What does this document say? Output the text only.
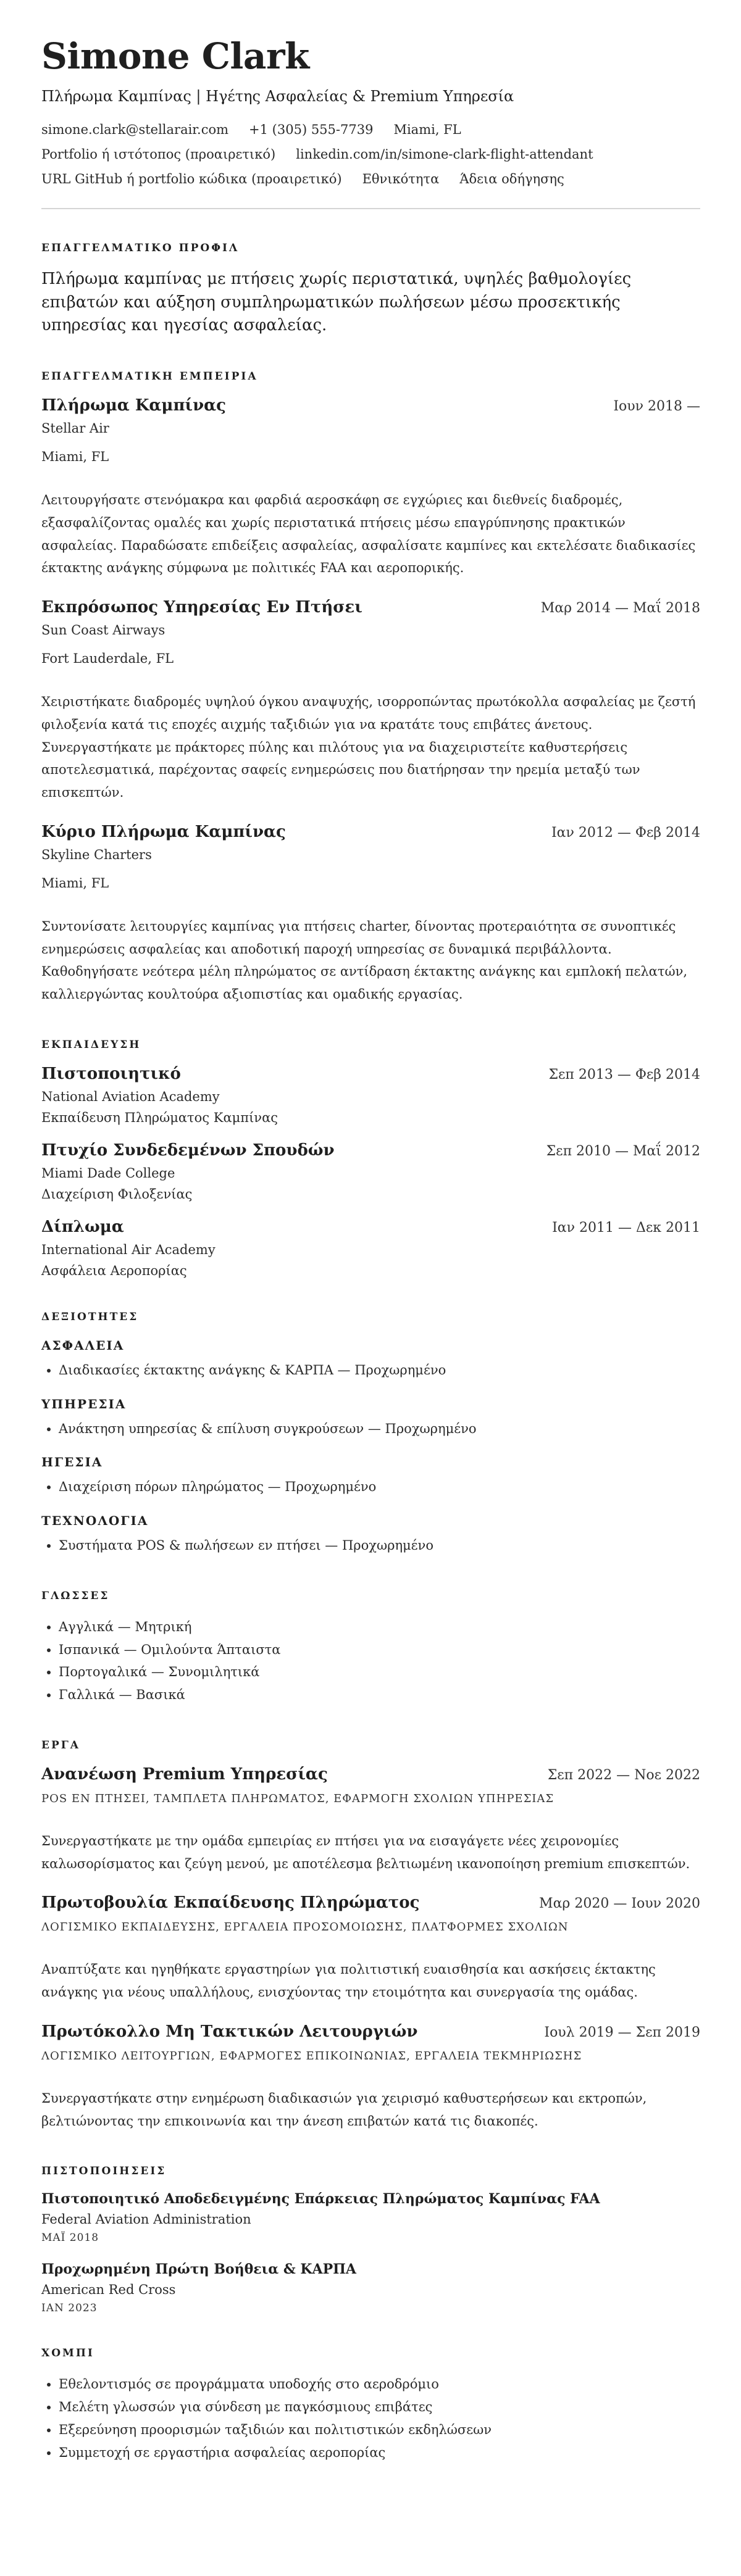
Simone Clark
Πλήρωμα Καμπίνας | Ηγέτης Ασφαλείας & Premium Υπηρεσία
simone.clark@stellarair.com +1 (305) 555-7739 Miami, FL
Portfolio ή ιστότοπος (προαιρετικό) linkedin.com/in/simone-clark-flight-attendant
URL GitHub ή portfolio κώδικα (προαιρετικό) Εθνικότητα Άδεια οδήγησης
ΕΠΑΓΓΕΛΜΑΤΙΚΟ ΠΡΟΦΙΛ

Πλήρωμα καμπίνας με πτήσεις χωρίς περιστατικά, υψηλές βαθμολογίες επιβατών και αύξηση συμπληρωματικών πωλήσεων μέσω προσεκτικής υπηρεσίας και ηγεσίας ασφαλείας.

ΕΠΑΓΓΕΛΜΑΤΙΚΗ ΕΜΠΕΙΡΙΑ
Πλήρωμα Καμπίνας	Ιουν 2018 —
Stellar Air
Miami, FL
Λειτουργήσατε στενόμακρα και φαρδιά αεροσκάφη σε εγχώριες και διεθνείς διαδρομές, εξασφαλίζοντας ομαλές και χωρίς περιστατικά πτήσεις μέσω επαγρύπνησης πρακτικών ασφαλείας. Παραδώσατε επιδείξεις ασφαλείας, ασφαλίσατε καμπίνες και εκτελέσατε διαδικασίες έκτακτης ανάγκης σύμφωνα με πολιτικές FAA και αεροπορικής.
Εκπρόσωπος Υπηρεσίας Εν Πτήσει	Μαρ 2014 — Μαΐ 2018
Sun Coast Airways
Fort Lauderdale, FL
Χειριστήκατε διαδρομές υψηλού όγκου αναψυχής, ισορροπώντας πρωτόκολλα ασφαλείας με ζεστή φιλοξενία κατά τις εποχές αιχμής ταξιδιών για να κρατάτε τους επιβάτες άνετους. Συνεργαστήκατε με πράκτορες πύλης και πιλότους για να διαχειριστείτε καθυστερήσεις αποτελεσματικά, παρέχοντας σαφείς ενημερώσεις που διατήρησαν την ηρεμία μεταξύ των επισκεπτών.
Κύριο Πλήρωμα Καμπίνας	Ιαν 2012 — Φεβ 2014
Skyline Charters
Miami, FL
Συντονίσατε λειτουργίες καμπίνας για πτήσεις charter, δίνοντας προτεραιότητα σε συνοπτικές ενημερώσεις ασφαλείας και αποδοτική παροχή υπηρεσίας σε δυναμικά περιβάλλοντα. Καθοδηγήσατε νεότερα μέλη πληρώματος σε αντίδραση έκτακτης ανάγκης και εμπλοκή πελατών, καλλιεργώντας κουλτούρα αξιοπιστίας και ομαδικής εργασίας.
ΕΚΠΑΙΔΕΥΣΗ
Πιστοποιητικό	Σεπ 2013 — Φεβ 2014
National Aviation Academy
Εκπαίδευση Πληρώματος Καμπίνας
Πτυχίο Συνδεδεμένων Σπουδών	Σεπ 2010 — Μαΐ 2012
Miami Dade College
Διαχείριση Φιλοξενίας
Δίπλωμα	Ιαν 2011 — Δεκ 2011
International Air Academy
Ασφάλεια Αεροπορίας
ΔΕΞΙΟΤΗΤΕΣ
ΑΣΦΑΛΕΙΑ
• Διαδικασίες έκτακτης ανάγκης & ΚΑΡΠΑ — Προχωρημένο
ΥΠΗΡΕΣΙΑ
• Ανάκτηση υπηρεσίας & επίλυση συγκρούσεων — Προχωρημένο
ΗΓΕΣΙΑ
• Διαχείριση πόρων πληρώματος — Προχωρημένο
ΤΕΧΝΟΛΟΓΙΑ
• Συστήματα POS & πωλήσεων εν πτήσει — Προχωρημένο
ΓΛΩΣΣΕΣ
• Αγγλικά — Μητρική
• Ισπανικά — Ομιλούντα Άπταιστα
• Πορτογαλικά — Συνομιλητικά
• Γαλλικά — Βασικά
ΕΡΓΑ
Ανανέωση Premium Υπηρεσίας	Σεπ 2022 — Νοε 2022
POS ΕΝ ΠΤΗΣΕΙ, ΤΑΜΠΛΕΤΑ ΠΛΗΡΩΜΑΤΟΣ, ΕΦΑΡΜΟΓΗ ΣΧΟΛΙΩΝ ΥΠΗΡΕΣΙΑΣ
Συνεργαστήκατε με την ομάδα εμπειρίας εν πτήσει για να εισαγάγετε νέες χειρονομίες καλωσορίσματος και ζεύγη μενού, με αποτέλεσμα βελτιωμένη ικανοποίηση premium επισκεπτών.
Πρωτοβουλία Εκπαίδευσης Πληρώματος	Μαρ 2020 — Ιουν 2020
ΛΟΓΙΣΜΙΚΟ ΕΚΠΑΙΔΕΥΣΗΣ, ΕΡΓΑΛΕΙΑ ΠΡΟΣΟΜΟΙΩΣΗΣ, ΠΛΑΤΦΟΡΜΕΣ ΣΧΟΛΙΩΝ
Αναπτύξατε και ηγηθήκατε εργαστηρίων για πολιτιστική ευαισθησία και ασκήσεις έκτακτης ανάγκης για νέους υπαλλήλους, ενισχύοντας την ετοιμότητα και συνεργασία της ομάδας.
Πρωτόκολλο Μη Τακτικών Λειτουργιών	Ιουλ 2019 — Σεπ 2019
ΛΟΓΙΣΜΙΚΟ ΛΕΙΤΟΥΡΓΙΩΝ, ΕΦΑΡΜΟΓΕΣ ΕΠΙΚΟΙΝΩΝΙΑΣ, ΕΡΓΑΛΕΙΑ ΤΕΚΜΗΡΙΩΣΗΣ
Συνεργαστήκατε στην ενημέρωση διαδικασιών για χειρισμό καθυστερήσεων και εκτροπών, βελτιώνοντας την επικοινωνία και την άνεση επιβατών κατά τις διακοπές.
ΠΙΣΤΟΠΟΙΗΣΕΙΣ
Πιστοποιητικό Αποδεδειγμένης Επάρκειας Πληρώματος Καμπίνας FAA
Federal Aviation Administration
ΜΑΪ 2018
Προχωρημένη Πρώτη Βοήθεια & ΚΑΡΠΑ
American Red Cross
ΙΑΝ 2023
ΧΟΜΠΙ
• Εθελοντισμός σε προγράμματα υποδοχής στο αεροδρόμιο
• Μελέτη γλωσσών για σύνδεση με παγκόσμιους επιβάτες
• Εξερεύνηση προορισμών ταξιδιών και πολιτιστικών εκδηλώσεων
• Συμμετοχή σε εργαστήρια ασφαλείας αεροπορίας
